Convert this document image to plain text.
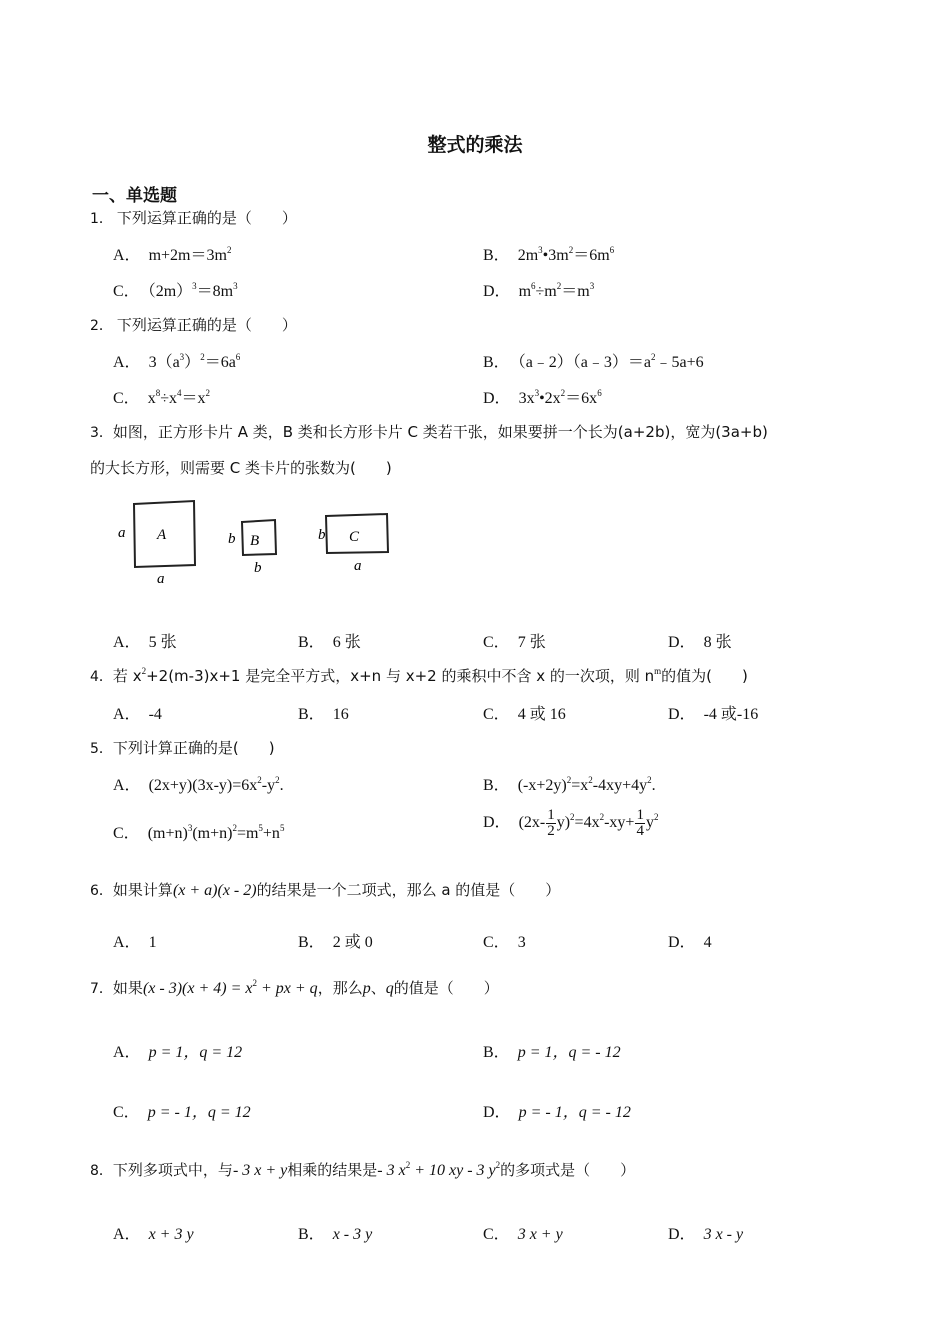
整式的乘法
一、单选题
1． 下列运算正确的是（　　）
A． $m+2m=3m^2$	B． $2m^3•3m^2=6m^6$
C． $(2m)^3=8m^3$	D． $m^6\div m^2=m^3$
2． 下列运算正确的是（　　）
A． $3(a^3)^2=6a^6$	B． $(a﹣2)(a﹣3)=a^2﹣5a+6$
C． $x^8\div x^4=x^2$	D． $3x^3•2x^2=6x^6$
3．如图，正方形卡片 A 类，B 类和长方形卡片 C 类若干张，如果要拼一个长为(a+2b)，宽为(3a+b)
的大长方形，则需要 C 类卡片的张数为(　　)
A
a
a
B
b
b
C
b
a
A． 5 张	B． 6 张	C． 7 张	D． 8 张
4．若 $x^2+2(m-3)x+1$ 是完全平方式，x+n 与 x+2 的乘积中不含 x 的一次项，则 $n^m$的值为(　　)
A． -4	B． 16	C． 4 或 16	D． -4 或-16
5．下列计算正确的是(　　)
A． $(2x+y)(3x-y)=6x^2-y^2$.	B． $(-x+2y)^2=x^2-4xy+4y^2$.
C． $(m+n)^3(m+n)^2=m^5+n^5$	D． $(2x- \frac{1}{2} y)^2=4x^2-xy+ \frac{1}{4} y^2$
6．如果计算(x + a)(x - 2)的结果是一个二项式，那么 a 的值是（　　）
A． 1	B． 2 或 0	C． 3	D． 4
7．如果$(x - 3)(x + 4) = x^2$ + px + q，那么p、q的值是（　　）
A． p = 1，q = 12	B． p = 1，q = - 12
C． p = - 1，q = 12	D． p = - 1，q = - 12
8．下列多项式中，与- 3 x + y相乘的结果是- 3 $x^2 + 10$ xy - 3 $y^2$的多项式是（　　）
A． x + 3 y	B． x - 3 y	C． 3 x + y	D． 3 x - y
